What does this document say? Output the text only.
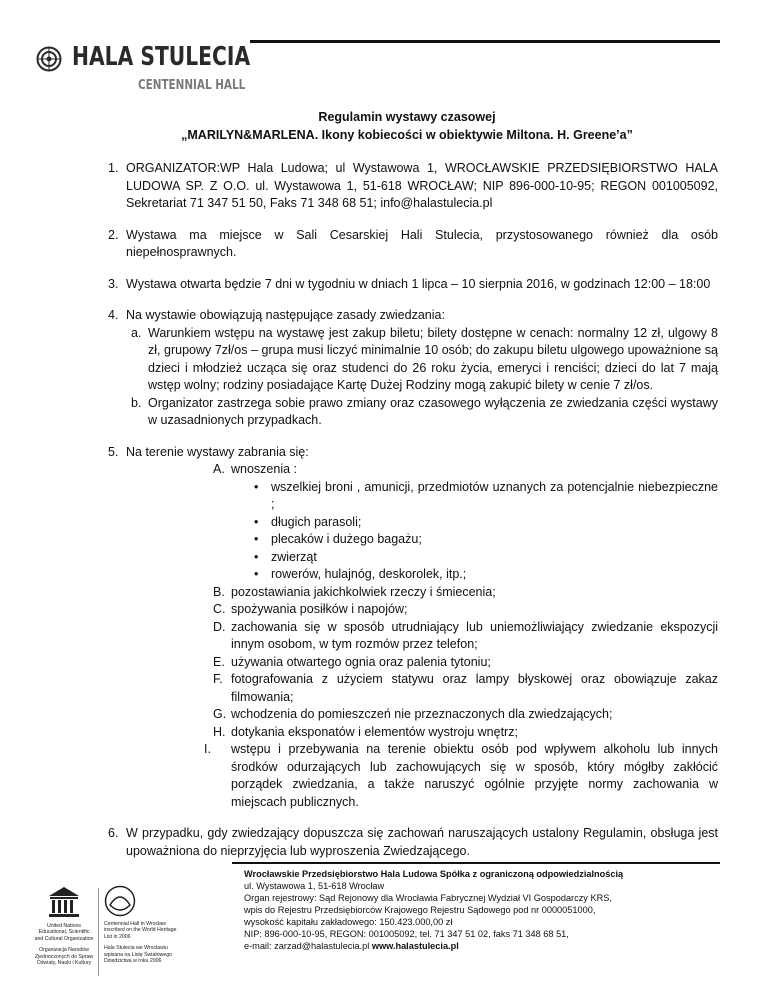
HALA STULECIA
CENTENNIAL HALL

Regulamin wystawy czasowej

„MARILYN&MARLENA. Ikony kobiecości w obiektywie Miltona. H. Greene’a”

1. ORGANIZATOR:WP Hala Ludowa; ul Wystawowa 1, WROCŁAWSKIE PRZEDSIĘBIORSTWO HALA LUDOWA SP. Z O.O. ul. Wystawowa 1, 51-618 WROCŁAW; NIP 896-000-10-95; REGON 001005092, Sekretariat 71 347 51 50, Faks 71 348 68 51; info@halastulecia.pl
2. Wystawa ma miejsce w Sali Cesarskiej Hali Stulecia, przystosowanego również dla osób niepełnosprawnych.
3. Wystawa otwarta będzie 7 dni w tygodniu w dniach 1 lipca – 10 sierpnia 2016, w godzinach 12:00 – 18:00
4. Na wystawie obowiązują następujące zasady zwiedzania:
a. Warunkiem wstępu na wystawę jest zakup biletu; bilety dostępne w cenach: normalny 12 zł, ulgowy 8 zł, grupowy 7zł/os – grupa musi liczyć minimalnie 10 osób; do zakupu biletu ulgowego upoważnione są dzieci i młodzież ucząca się oraz studenci do 26 roku życia, emeryci i renciści; dzieci do lat 7 mają wstęp wolny; rodziny posiadające Kartę Dużej Rodziny mogą zakupić bilety w cenie 7 zł/os.
b. Organizator zastrzega sobie prawo zmiany oraz czasowego wyłączenia ze zwiedzania części wystawy w uzasadnionych przypadkach.
5. Na terenie wystawy zabrania się:
A. wnoszenia :
• wszelkiej broni , amunicji, przedmiotów uznanych za potencjalnie niebezpieczne ;
• długich parasoli;
• plecaków i dużego bagażu;
• zwierząt
• rowerów, hulajnóg, deskorolek, itp.;
B. pozostawiania jakichkolwiek rzeczy i śmiecenia;
C. spożywania posiłków i napojów;
D. zachowania się w sposób utrudniający lub uniemożliwiający zwiedzanie ekspozycji innym osobom, w tym rozmów przez telefon;
E. używania otwartego ognia oraz palenia tytoniu;
F. fotografowania z użyciem statywu oraz lampy błyskowej oraz obowiązuje zakaz filmowania;
G. wchodzenia do pomieszczeń nie przeznaczonych dla zwiedzających;
H. dotykania eksponatów i elementów wystroju wnętrz;
I. wstępu i przebywania na terenie obiektu osób pod wpływem alkoholu lub innych środków odurzających lub zachowujących się w sposób, który mógłby zakłócić porządek zwiedzania, a także naruszyć ogólnie przyjęte normy zachowania w miejscach publicznych.
6. W przypadku, gdy zwiedzający dopuszcza się zachowań naruszających ustalony Regulamin, obsługa jest upoważniona do nieprzyjęcia lub wyproszenia Zwiedzającego.
United Nations Educational, Scientific and Cultural Organization
Organizacja Narodów Zjednoczonych do Spraw Oświaty, Nauki i Kultury
Centennial Hall in Wrocław inscribed on the World Heritage List in 2006
Hala Stulecia we Wrocławiu wpisana na Listę Światowego Dziedzictwa w roku 2006
Wrocławskie Przedsiębiorstwo Hala Ludowa Spółka z ograniczoną odpowiedzialnością
ul. Wystawowa 1, 51-618 Wrocław
Organ rejestrowy: Sąd Rejonowy dla Wrocławia Fabrycznej Wydział VI Gospodarczy KRS,
wpis do Rejestru Przedsiębiorców Krajowego Rejestru Sądowego pod nr 0000051000,
wysokość kapitału zakładowego: 150.423.000,00 zł
NIP: 896-000-10-95, REGON: 001005092, tel. 71 347 51 02, faks 71 348 68 51,
e-mail: zarzad@halastulecia.pl www.halastulecia.pl
